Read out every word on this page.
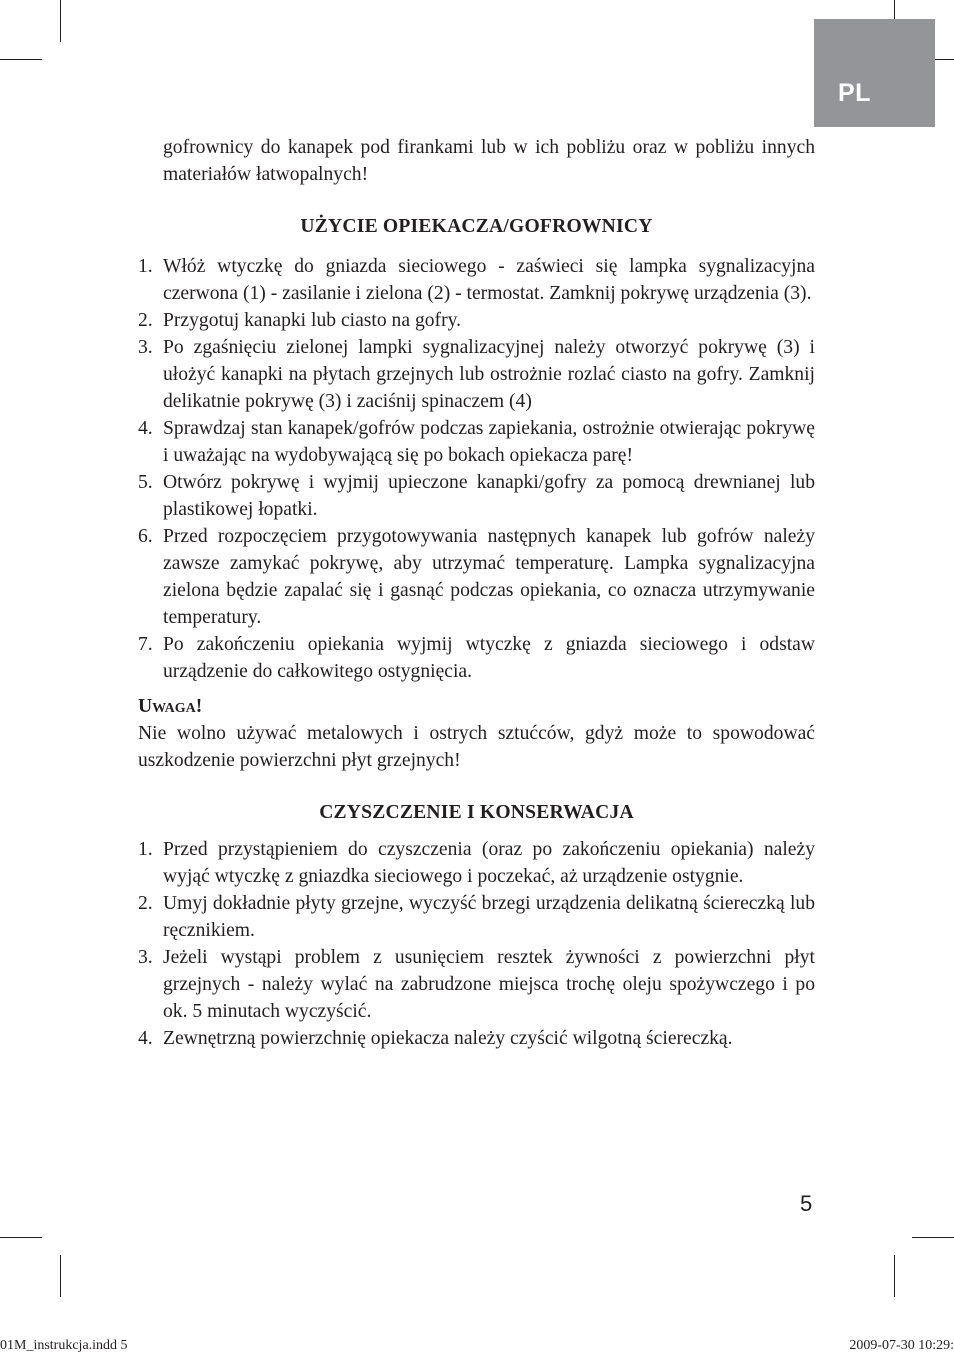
PL

gofrownicy do kanapek pod firankami lub w ich pobliżu oraz w pobliżu innych materiałów łatwopalnych!

UŻYCIE OPIEKACZA/GOFROWNICY
1. Włóż wtyczkę do gniazda sieciowego - zaświeci się lampka sygnalizacyjna czerwona (1) - zasilanie i zielona (2) - termostat. Zamknij pokrywę urządzenia (3).
2. Przygotuj kanapki lub ciasto na gofry.
3. Po zgaśnięciu zielonej lampki sygnalizacyjnej należy otworzyć pokrywę (3) i ułożyć kanapki na płytach grzejnych lub ostrożnie rozlać ciasto na gofry. Zamknij delikatnie pokrywę (3) i zaciśnij spinaczem (4)
4. Sprawdzaj stan kanapek/gofrów podczas zapiekania, ostrożnie otwierając pokrywę i uważając na wydobywającą się po bokach opiekacza parę!
5. Otwórz pokrywę i wyjmij upieczone kanapki/gofry za pomocą drewnianej lub plastikowej łopatki.
6. Przed rozpoczęciem przygotowywania następnych kanapek lub gofrów należy zawsze zamykać pokrywę, aby utrzymać temperaturę. Lampka sygnalizacyjna zielona będzie zapalać się i gasnąć podczas opiekania, co oznacza utrzymywanie temperatury.
7. Po zakończeniu opiekania wyjmij wtyczkę z gniazda sieciowego i odstaw urządzenie do całkowitego ostygnięcia.
Uwaga!

Nie wolno używać metalowych i ostrych sztućców, gdyż może to spowodować uszkodzenie powierzchni płyt grzejnych!

CZYSZCZENIE I KONSERWACJA
1. Przed przystąpieniem do czyszczenia (oraz po zakończeniu opiekania) należy wyjąć wtyczkę z gniazdka sieciowego i poczekać, aż urządzenie ostygnie.
2. Umyj dokładnie płyty grzejne, wyczyść brzegi urządzenia delikatną ściereczką lub ręcznikiem.
3. Jeżeli wystąpi problem z usunięciem resztek żywności z powierzchni płyt grzejnych - należy wylać na zabrudzone miejsca trochę oleju spożywczego i po ok. 5 minutach wyczyścić.
4. Zewnętrzną powierzchnię opiekacza należy czyścić wilgotną ściereczką.
5
01M_instrukcja.indd 5	2009-07-30 10:29:
